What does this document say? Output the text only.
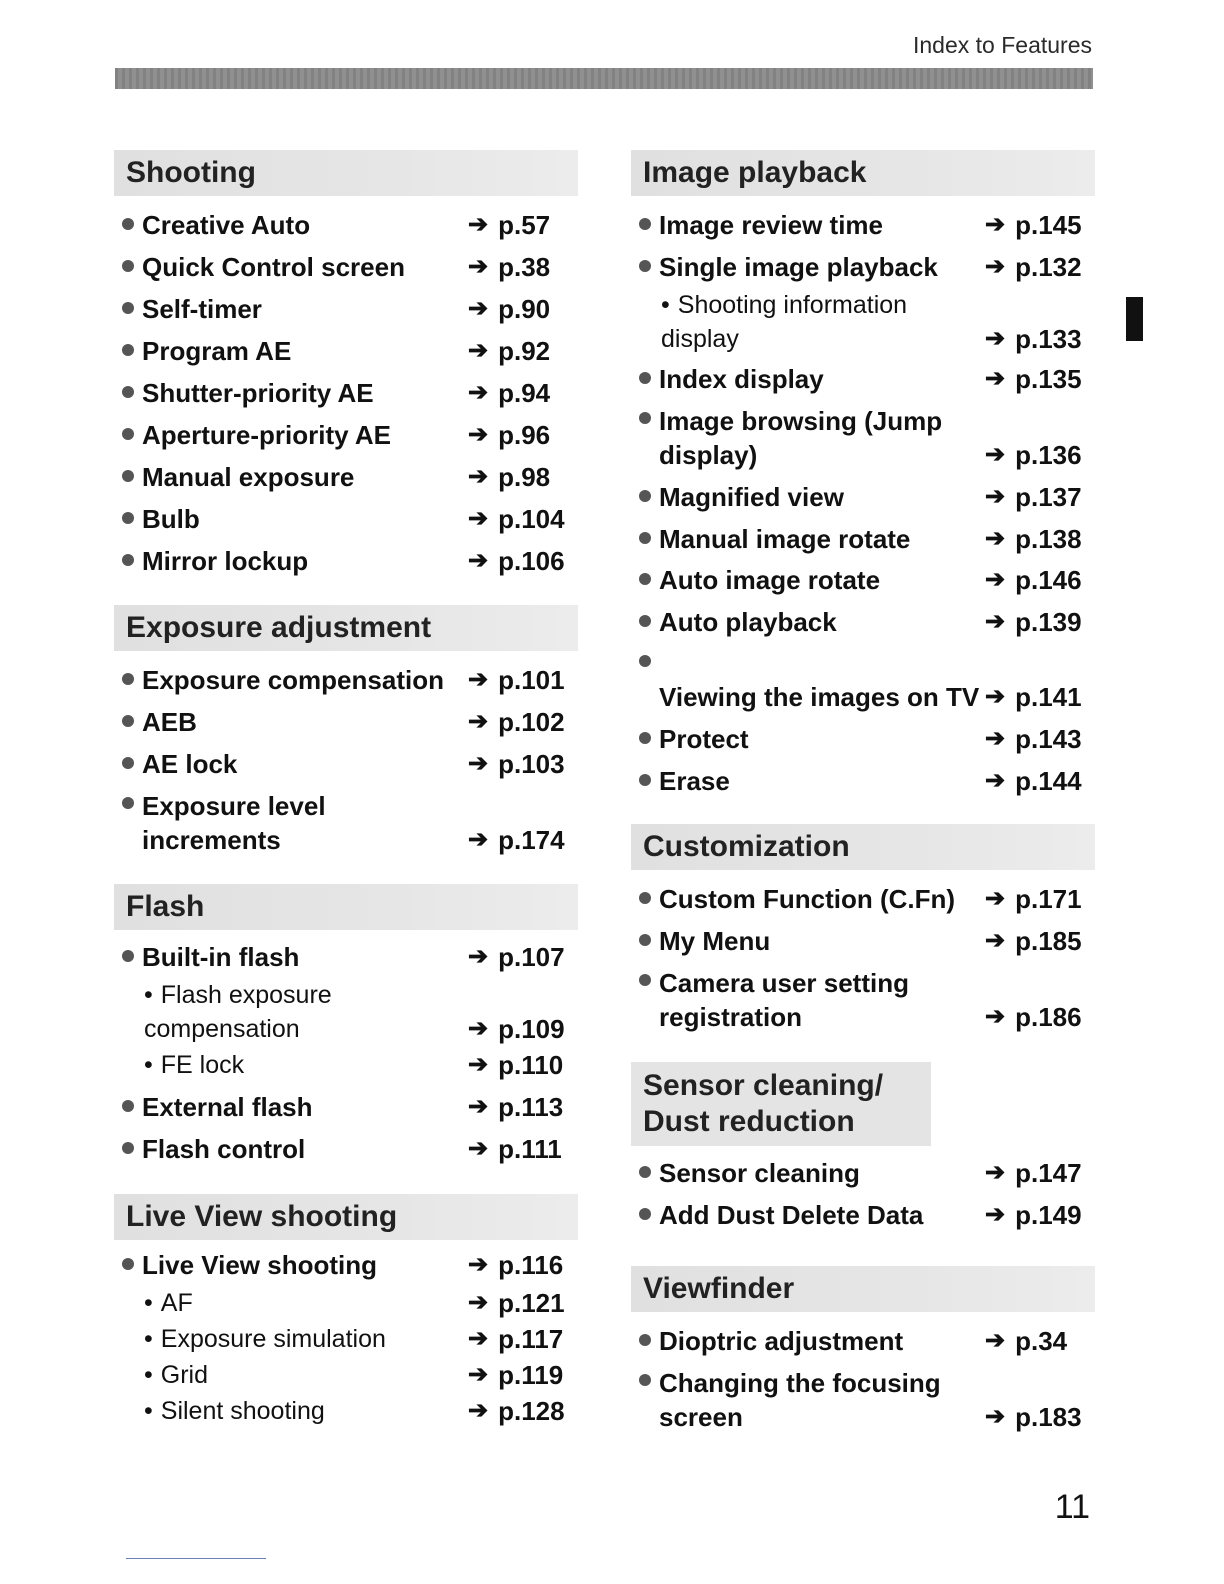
Index to Features
Shooting
Creative Auto	➔ p.57
Quick Control screen	➔ p.38
Self-timer	➔ p.90
Program AE	➔ p.92
Shutter-priority AE	➔ p.94
Aperture-priority AE	➔ p.96
Manual exposure	➔ p.98
Bulb	➔ p.104
Mirror lockup	➔ p.106
Exposure adjustment
Exposure compensation	➔ p.101
AEB	➔ p.102
AE lock	➔ p.103
Exposure level increments	➔ p.174
Flash
Built-in flash	➔ p.107
• Flash exposure compensation	➔ p.109
• FE lock	➔ p.110
External flash	➔ p.113
Flash control	➔ p.111
Live View shooting
Live View shooting	➔ p.116
• AF	➔ p.121
• Exposure simulation	➔ p.117
• Grid	➔ p.119
• Silent shooting	➔ p.128
Image playback
Image review time	➔ p.145
Single image playback	➔ p.132
• Shooting information display	➔ p.133
Index display	➔ p.135
Image browsing (Jump display)	➔ p.136
Magnified view	➔ p.137
Manual image rotate	➔ p.138
Auto image rotate	➔ p.146
Auto playback	➔ p.139
Viewing the images on TV ➔ p.141
Protect	➔ p.143
Erase	➔ p.144
Customization
Custom Function (C.Fn)	➔ p.171
My Menu	➔ p.185
Camera user setting registration	➔ p.186
Sensor cleaning/ Dust reduction
Sensor cleaning	➔ p.147
Add Dust Delete Data	➔ p.149
Viewfinder
Dioptric adjustment	➔ p.34
Changing the focusing screen	➔ p.183
11
